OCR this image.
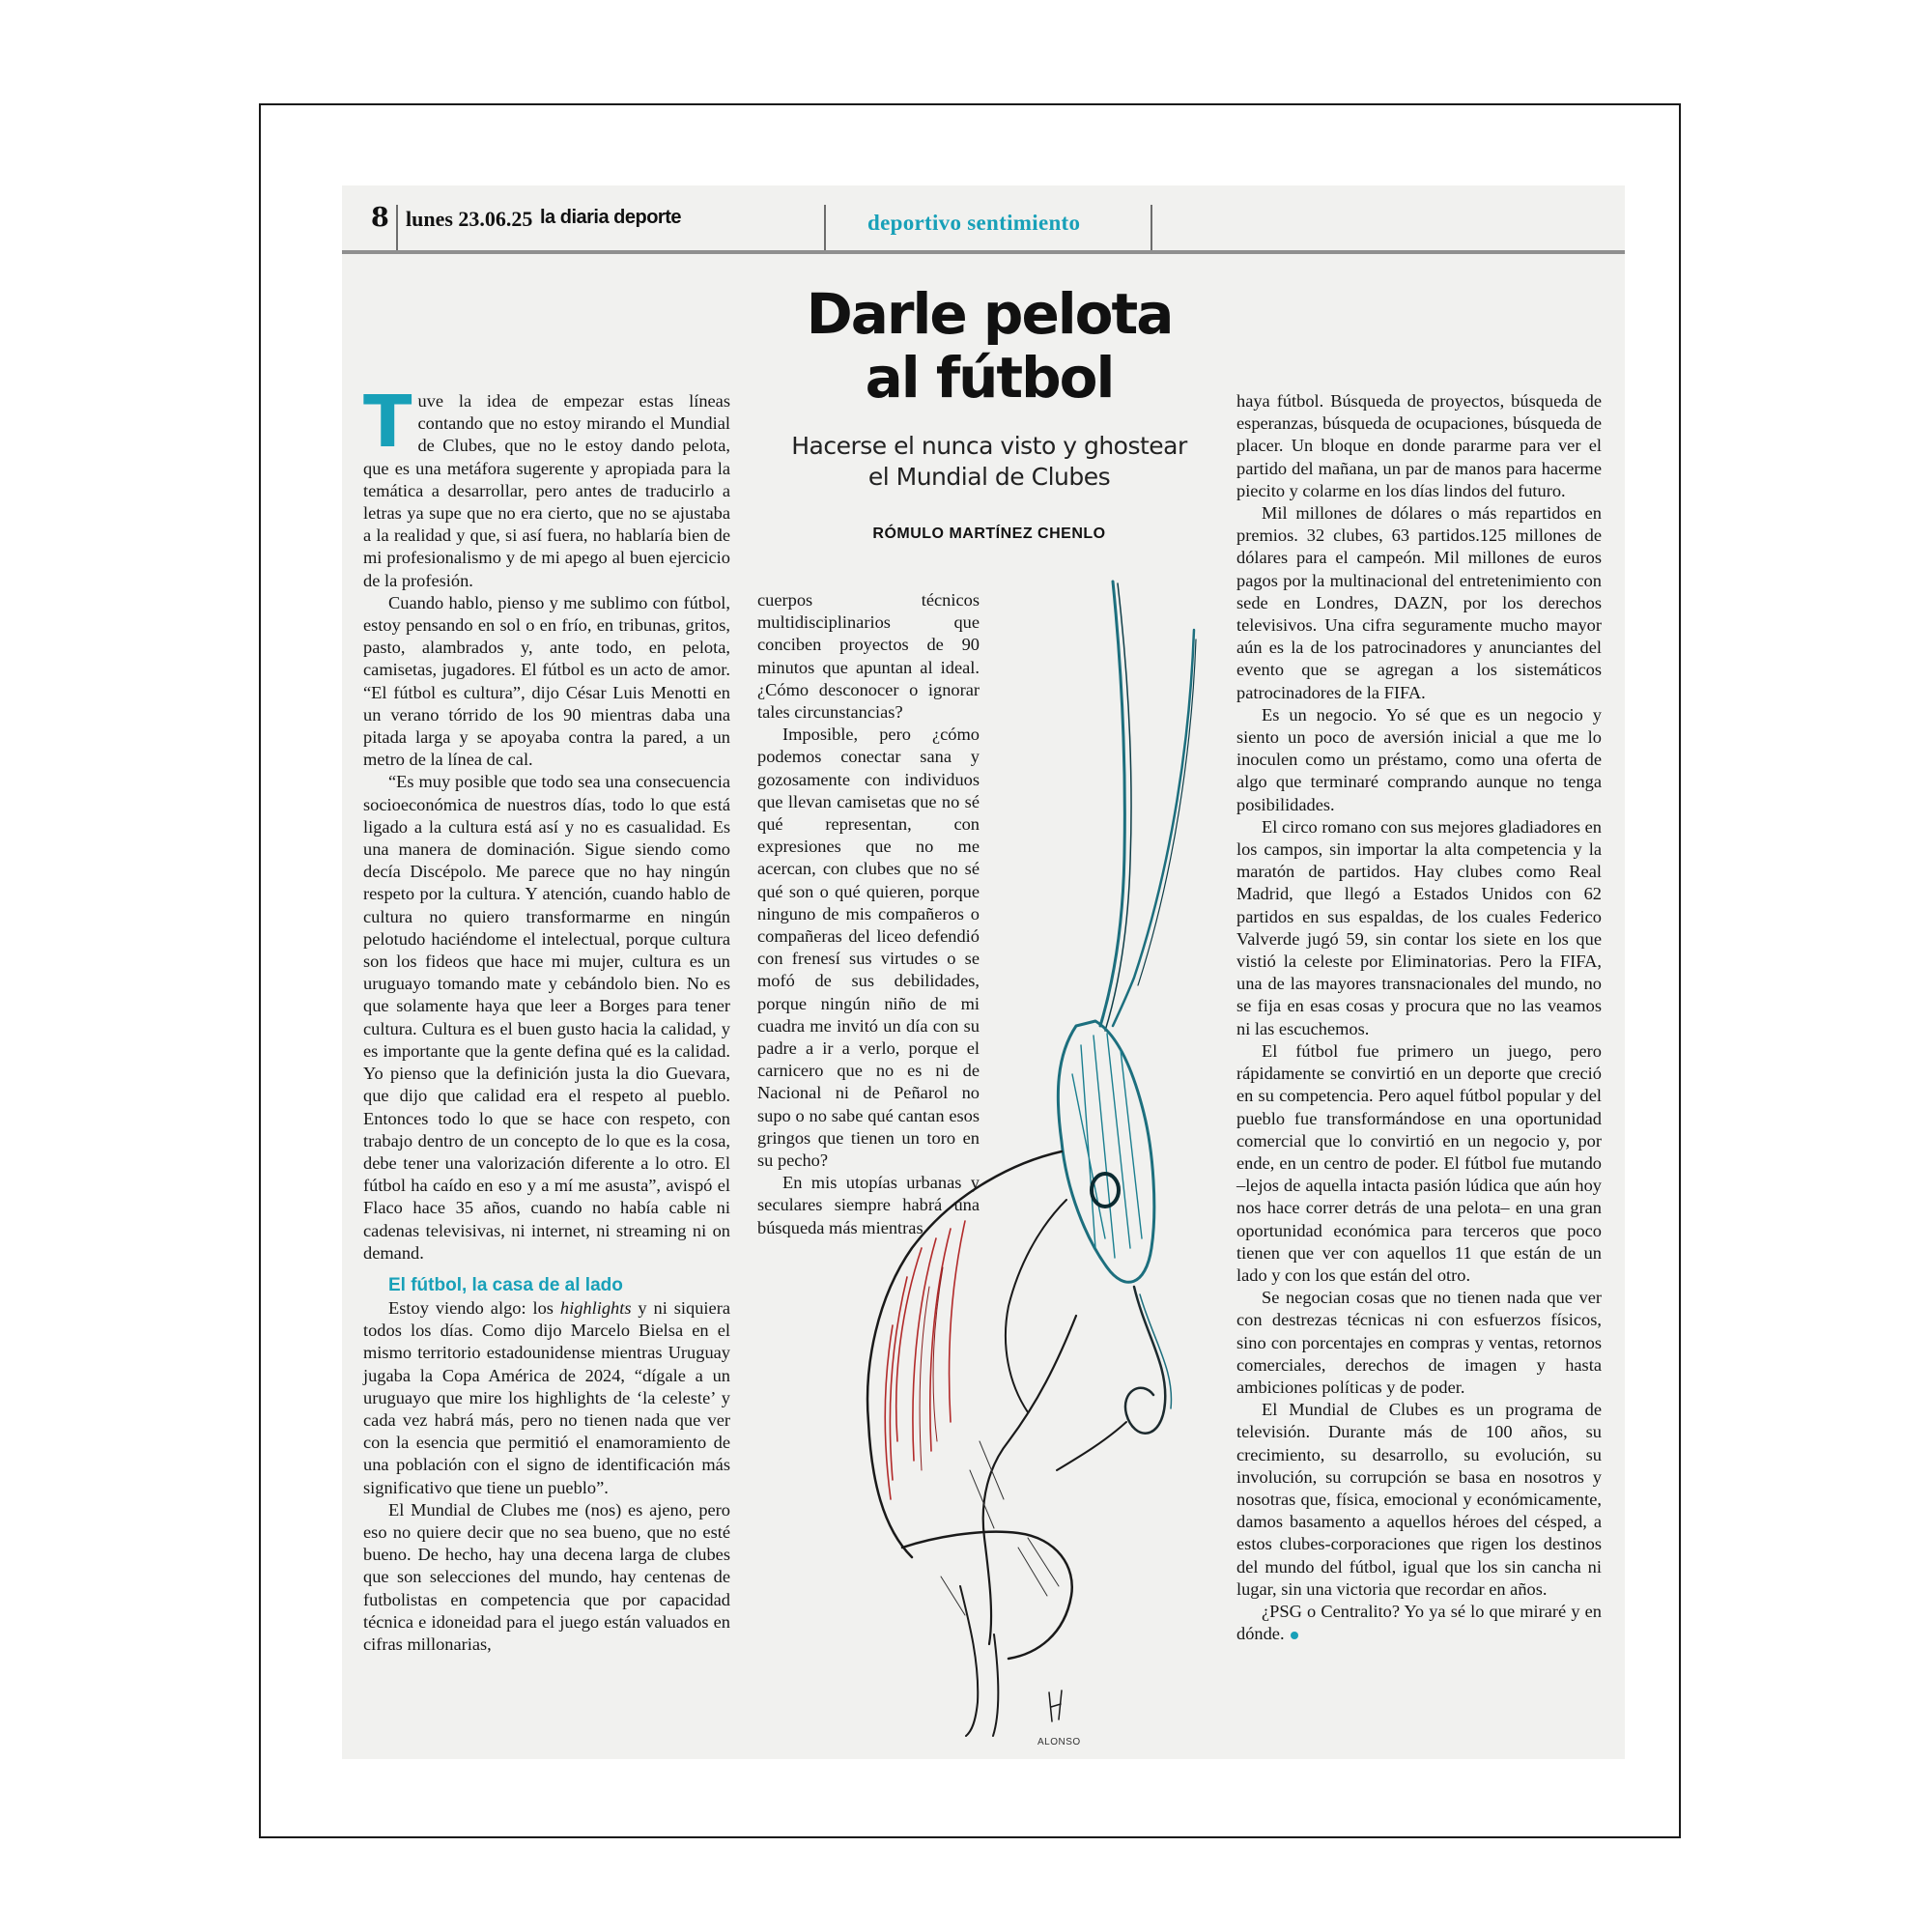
8 lunes 23.06.25 la diaria deporte	deportivo sentimiento
Darle pelota
al fútbol
Hacerse el nunca visto y ghostear
el Mundial de Clubes
RÓMULO MARTÍNEZ CHENLO

Tuve la idea de empezar estas líneas contando que no estoy mirando el Mundial de Clubes, que no le estoy dando pelota, que es una metáfora sugerente y apropiada para la temática a desarrollar, pero antes de traducirlo a letras ya supe que no era cierto, que no se ajustaba a la realidad y que, si así fuera, no hablaría bien de mi profesionalismo y de mi apego al buen ejercicio de la profesión.

Cuando hablo, pienso y me sublimo con fútbol, estoy pensando en sol o en frío, en tribunas, gritos, pasto, alambrados y, ante todo, en pelota, camisetas, jugadores. El fútbol es un acto de amor. “El fútbol es cultura”, dijo César Luis Menotti en un verano tórrido de los 90 mientras daba una pitada larga y se apoyaba contra la pared, a un metro de la línea de cal.

“Es muy posible que todo sea una consecuencia socioeconómica de nuestros días, todo lo que está ligado a la cultura está así y no es casualidad. Es una manera de dominación. Sigue siendo como decía Discépolo. Me parece que no hay ningún respeto por la cultura. Y atención, cuando hablo de cultura no quiero transformarme en ningún pelotudo haciéndome el intelectual, porque cultura son los fideos que hace mi mujer, cultura es un uruguayo tomando mate y cebándolo bien. No es que solamente haya que leer a Borges para tener cultura. Cultura es el buen gusto hacia la calidad, y es importante que la gente defina qué es la calidad. Yo pienso que la definición justa la dio Guevara, que dijo que calidad era el respeto al pueblo. Entonces todo lo que se hace con respeto, con trabajo dentro de un concepto de lo que es la cosa, debe tener una valorización diferente a lo otro. El fútbol ha caído en eso y a mí me asusta”, avispó el Flaco hace 35 años, cuando no había cable ni cadenas televisivas, ni internet, ni streaming ni on demand.

El fútbol, la casa de al lado

Estoy viendo algo: los highlights y ni siquiera todos los días. Como dijo Marcelo Bielsa en el mismo territorio estadounidense mientras Uruguay jugaba la Copa América de 2024, “dígale a un uruguayo que mire los highlights de ‘la celeste’ y cada vez habrá más, pero no tienen nada que ver con la esencia que permitió el enamoramiento de una población con el signo de identificación más significativo que tiene un pueblo”.

El Mundial de Clubes me (nos) es ajeno, pero eso no quiere decir que no sea bueno, que no esté bueno. De hecho, hay una decena larga de clubes que son selecciones del mundo, hay centenas de futbolistas en competencia que por capacidad técnica e idoneidad para el juego están valuados en cifras millonarias,

cuerpos técnicos multidisciplinarios que conciben proyectos de 90 minutos que apuntan al ideal. ¿Cómo desconocer o ignorar tales circunstancias?

Imposible, pero ¿cómo podemos conectar sana y gozosamente con individuos que llevan camisetas que no sé qué representan, con expresiones que no me acercan, con clubes que no sé qué son o qué quieren, porque ninguno de mis compañeros o compañeras del liceo defendió con frenesí sus virtudes o se mofó de sus debilidades, porque ningún niño de mi cuadra me invitó un día con su padre a ir a verlo, porque el carnicero que no es ni de Nacional ni de Peñarol no supo o no sabe qué cantan esos gringos que tienen un toro en su pecho?

En mis utopías urbanas y seculares siempre habrá una búsqueda más mientras

haya fútbol. Búsqueda de proyectos, búsqueda de esperanzas, búsqueda de ocupaciones, búsqueda de placer. Un bloque en donde pararme para ver el partido del mañana, un par de manos para hacerme piecito y colarme en los días lindos del futuro.

Mil millones de dólares o más repartidos en premios. 32 clubes, 63 partidos.125 millones de dólares para el campeón. Mil millones de euros pagos por la multinacional del entretenimiento con sede en Londres, DAZN, por los derechos televisivos. Una cifra seguramente mucho mayor aún es la de los patrocinadores y anunciantes del evento que se agregan a los sistemáticos patrocinadores de la FIFA.

Es un negocio. Yo sé que es un negocio y siento un poco de aversión inicial a que me lo inoculen como un préstamo, como una oferta de algo que terminaré comprando aunque no tenga posibilidades.

El circo romano con sus mejores gladiadores en los campos, sin importar la alta competencia y la maratón de partidos. Hay clubes como Real Madrid, que llegó a Estados Unidos con 62 partidos en sus espaldas, de los cuales Federico Valverde jugó 59, sin contar los siete en los que vistió la celeste por Eliminatorias. Pero la FIFA, una de las mayores transnacionales del mundo, no se fija en esas cosas y procura que no las veamos ni las escuchemos.

El fútbol fue primero un juego, pero rápidamente se convirtió en un deporte que creció en su competencia. Pero aquel fútbol popular y del pueblo fue transformándose en una oportunidad comercial que lo convirtió en un negocio y, por ende, en un centro de poder. El fútbol fue mutando –lejos de aquella intacta pasión lúdica que aún hoy nos hace correr detrás de una pelota– en una gran oportunidad económica para terceros que poco tienen que ver con aquellos 11 que están de un lado y con los que están del otro.

Se negocian cosas que no tienen nada que ver con destrezas técnicas ni con esfuerzos físicos, sino con porcentajes en compras y ventas, retornos comerciales, derechos de imagen y hasta ambiciones políticas y de poder.

El Mundial de Clubes es un programa de televisión. Durante más de 100 años, su crecimiento, su desarrollo, su evolución, su involución, su corrupción se basa en nosotros y nosotras que, física, emocional y económicamente, damos basamento a aquellos héroes del césped, a estos clubes-corporaciones que rigen los destinos del mundo del fútbol, igual que los sin cancha ni lugar, sin una victoria que recordar en años.

¿PSG o Centralito? Yo ya sé lo que miraré y en dónde.

ALONSO
